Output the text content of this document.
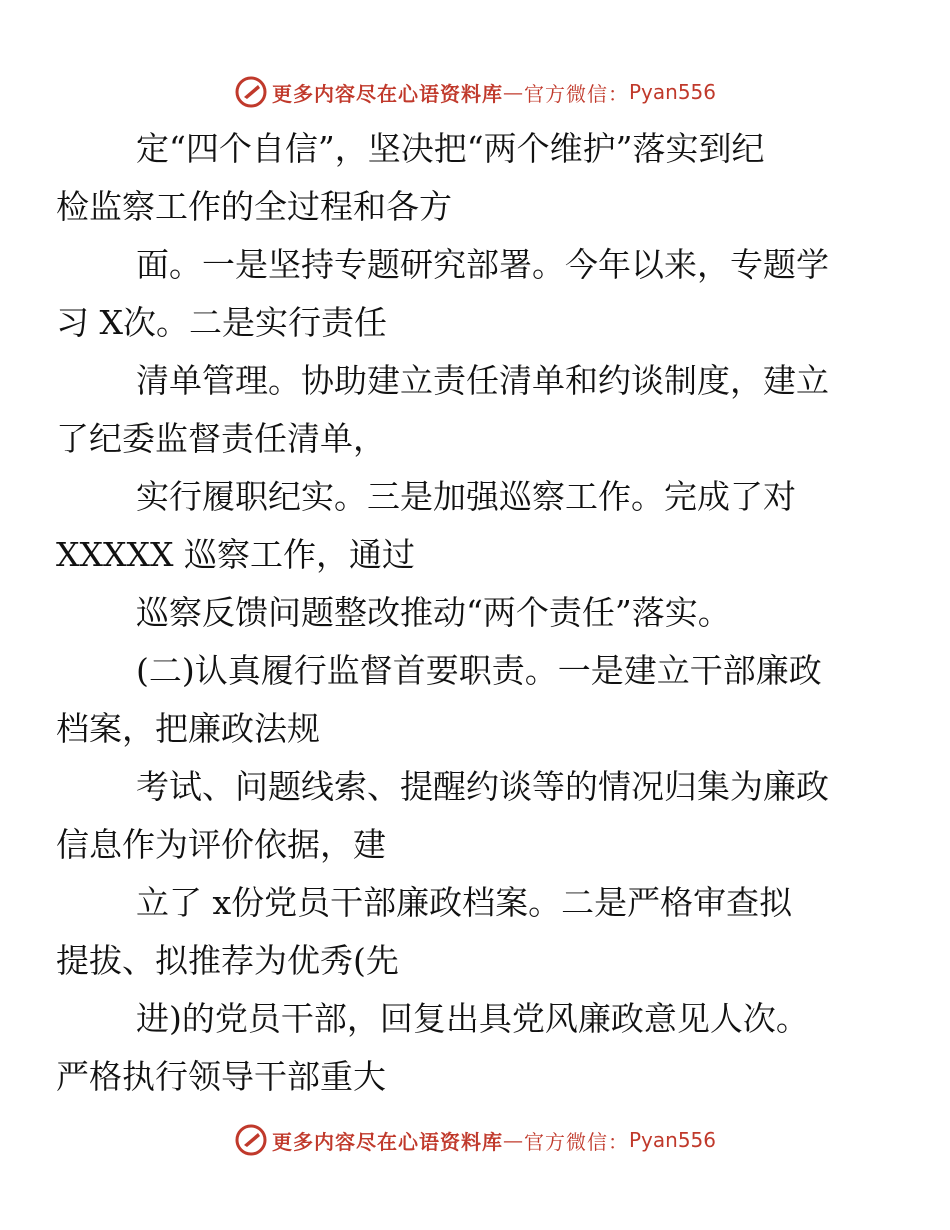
更多内容尽在心语资料库 — 官方微信： Pyan556

定“四个自信”，坚决把“两个维护”落实到纪
检监察工作的全过程和各方

面。一是坚持专题研究部署。今年以来，专题学
习 X次。二是实行责任

清单管理。协助建立责任清单和约谈制度，建立
了纪委监督责任清单，

实行履职纪实。三是加强巡察工作。完成了对
XXXXX 巡察工作，通过

巡察反馈问题整改推动“两个责任”落实。

(二)认真履行监督首要职责。一是建立干部廉政
档案，把廉政法规

考试、问题线索、提醒约谈等的情况归集为廉政
信息作为评价依据，建

立了 x份党员干部廉政档案。二是严格审查拟
提拔、拟推荐为优秀(先

进)的党员干部，回复出具党风廉政意见人次。
严格执行领导干部重大

更多内容尽在心语资料库 — 官方微信： Pyan556
